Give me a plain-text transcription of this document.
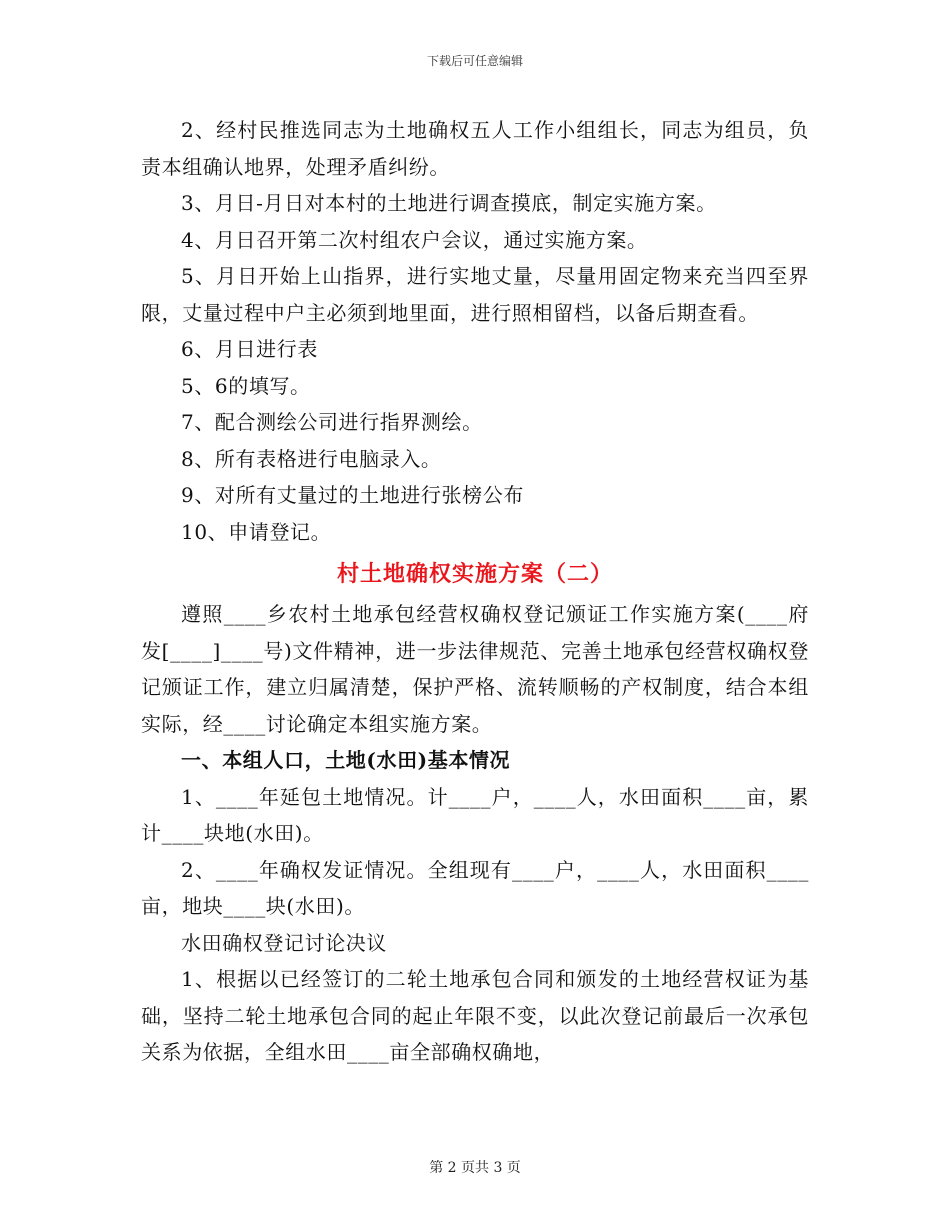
下载后可任意编辑

2、经村民推选同志为土地确权五人工作小组组长，同志为组员，负责本组确认地界，处理矛盾纠纷。

3、月日-月日对本村的土地进行调查摸底，制定实施方案。

4、月日召开第二次村组农户会议，通过实施方案。

5、月日开始上山指界，进行实地丈量，尽量用固定物来充当四至界限，丈量过程中户主必须到地里面，进行照相留档，以备后期查看。

6、月日进行表

5、6的填写。

7、配合测绘公司进行指界测绘。

8、所有表格进行电脑录入。

9、对所有丈量过的土地进行张榜公布

10、申请登记。

村土地确权实施方案（二）

遵照____乡农村土地承包经营权确权登记颁证工作实施方案(____府发[____]____号)文件精神，进一步法律规范、完善土地承包经营权确权登记颁证工作，建立归属清楚，保护严格、流转顺畅的产权制度，结合本组实际，经____讨论确定本组实施方案。

一、本组人口，土地(水田)基本情况

1、____年延包土地情况。计____户，____人，水田面积____亩，累计____块地(水田)。

2、____年确权发证情况。全组现有____户，____人，水田面积____亩，地块____块(水田)。

水田确权登记讨论决议

1、根据以已经签订的二轮土地承包合同和颁发的土地经营权证为基础，坚持二轮土地承包合同的起止年限不变，以此次登记前最后一次承包关系为依据，全组水田____亩全部确权确地，

第 2 页共 3 页
